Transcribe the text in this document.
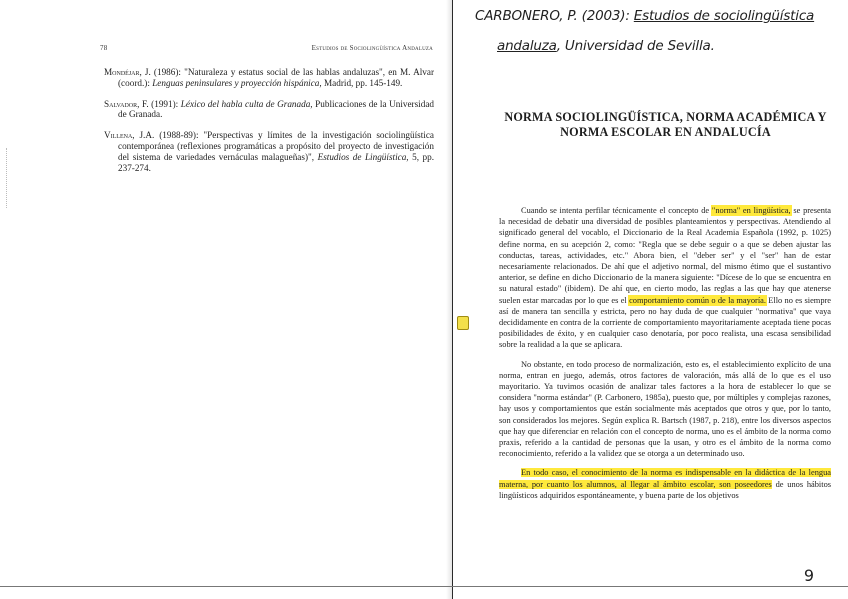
78	Estudios de Sociolingüística Andaluza

Mondéjar, J. (1986): "Naturaleza y estatus social de las hablas andaluzas", en M. Alvar (coord.): Lenguas peninsulares y proyección hispánica, Madrid, pp. 145-149.

Salvador, F. (1991): Léxico del habla culta de Granada, Publicaciones de la Universidad de Granada.

Villena, J.A. (1988-89): "Perspectivas y límites de la investigación sociolingüística contemporánea (reflexiones programáticas a propósito del proyecto de investigación del sistema de variedades vernáculas malagueñas)", Estudios de Lingüística, 5, pp. 237-274.

CARBONERO, P. (2003): Estudios de sociolingüística
andaluza, Universidad de Sevilla.
NORMA SOCIOLINGÜÍSTICA, NORMA ACADÉMICA Y
NORMA ESCOLAR EN ANDALUCÍA

Cuando se intenta perfilar técnicamente el concepto de "norma" en lingüística, se presenta la necesidad de debatir una diversidad de posibles planteamientos y perspectivas. Atendiendo al significado general del vocablo, el Diccionario de la Real Academia Española (1992, p. 1025) define norma, en su acepción 2, como: "Regla que se debe seguir o a que se deben ajustar las conductas, tareas, actividades, etc." Abora bien, el "deber ser" y el "ser" han de estar necesariamente relacionados. De ahí que el adjetivo normal, del mismo étimo que el sustantivo anterior, se define en dicho Diccionario de la manera siguiente: "Dícese de lo que se encuentra en su natural estado" (ibidem). De ahí que, en cierto modo, las reglas a las que hay que atenerse suelen estar marcadas por lo que es el comportamiento común o de la mayoría. Ello no es siempre así de manera tan sencilla y estricta, pero no hay duda de que cualquier "normativa" que vaya decididamente en contra de la corriente de comportamiento mayoritariamente aceptada tiene pocas posibilidades de éxito, y en cualquier caso denotaría, por poco realista, una escasa sensibilidad sobre la realidad a la que se aplicara.

No obstante, en todo proceso de normalización, esto es, el establecimiento explícito de una norma, entran en juego, además, otros factores de valoración, más allá de lo que es el uso mayoritario. Ya tuvimos ocasión de analizar tales factores a la hora de establecer lo que se considera "norma estándar" (P. Carbonero, 1985a), puesto que, por múltiples y complejas razones, hay usos y comportamientos que están socialmente más aceptados que otros y que, por lo tanto, son considerados los mejores. Según explica R. Bartsch (1987, p. 218), entre los diversos aspectos que hay que diferenciar en relación con el concepto de norma, uno es el ámbito de la norma como praxis, referido a la cantidad de personas que la usan, y otro es el ámbito de la norma como reconocimiento, referido a la validez que se otorga a un determinado uso.

En todo caso, el conocimiento de la norma es indispensable en la didáctica de la lengua materna, por cuanto los alumnos, al llegar al ámbito escolar, son poseedores de unos hábitos lingüísticos adquiridos espontáneamente, y buena parte de los objetivos

9
